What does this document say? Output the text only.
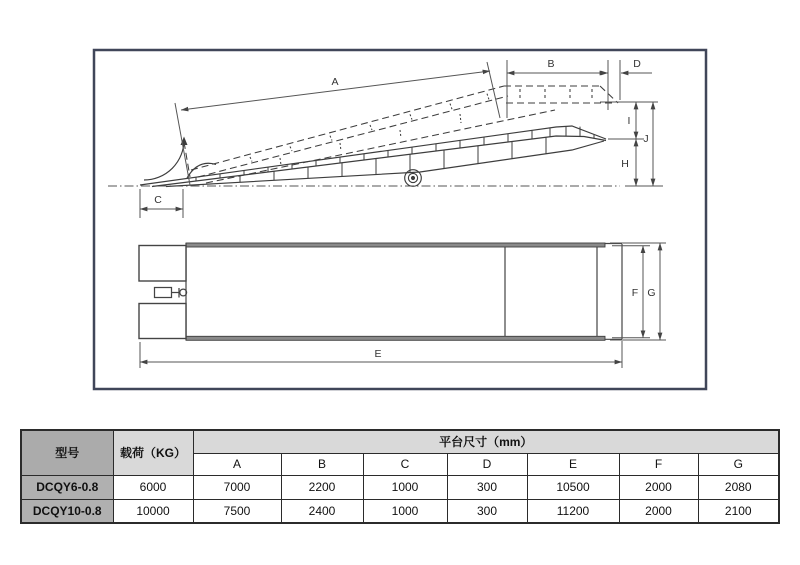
A
B
C
D
I
J
H
E
F G
型号	载荷（KG）	平台尺寸（mm）						
		A	B	C	D	E	F	G
DCQY6-0.8	6000	7000	2200	1000	300	10500	2000	2080
DCQY10-0.8	10000	7500	2400	1000	300	11200	2000	2100
